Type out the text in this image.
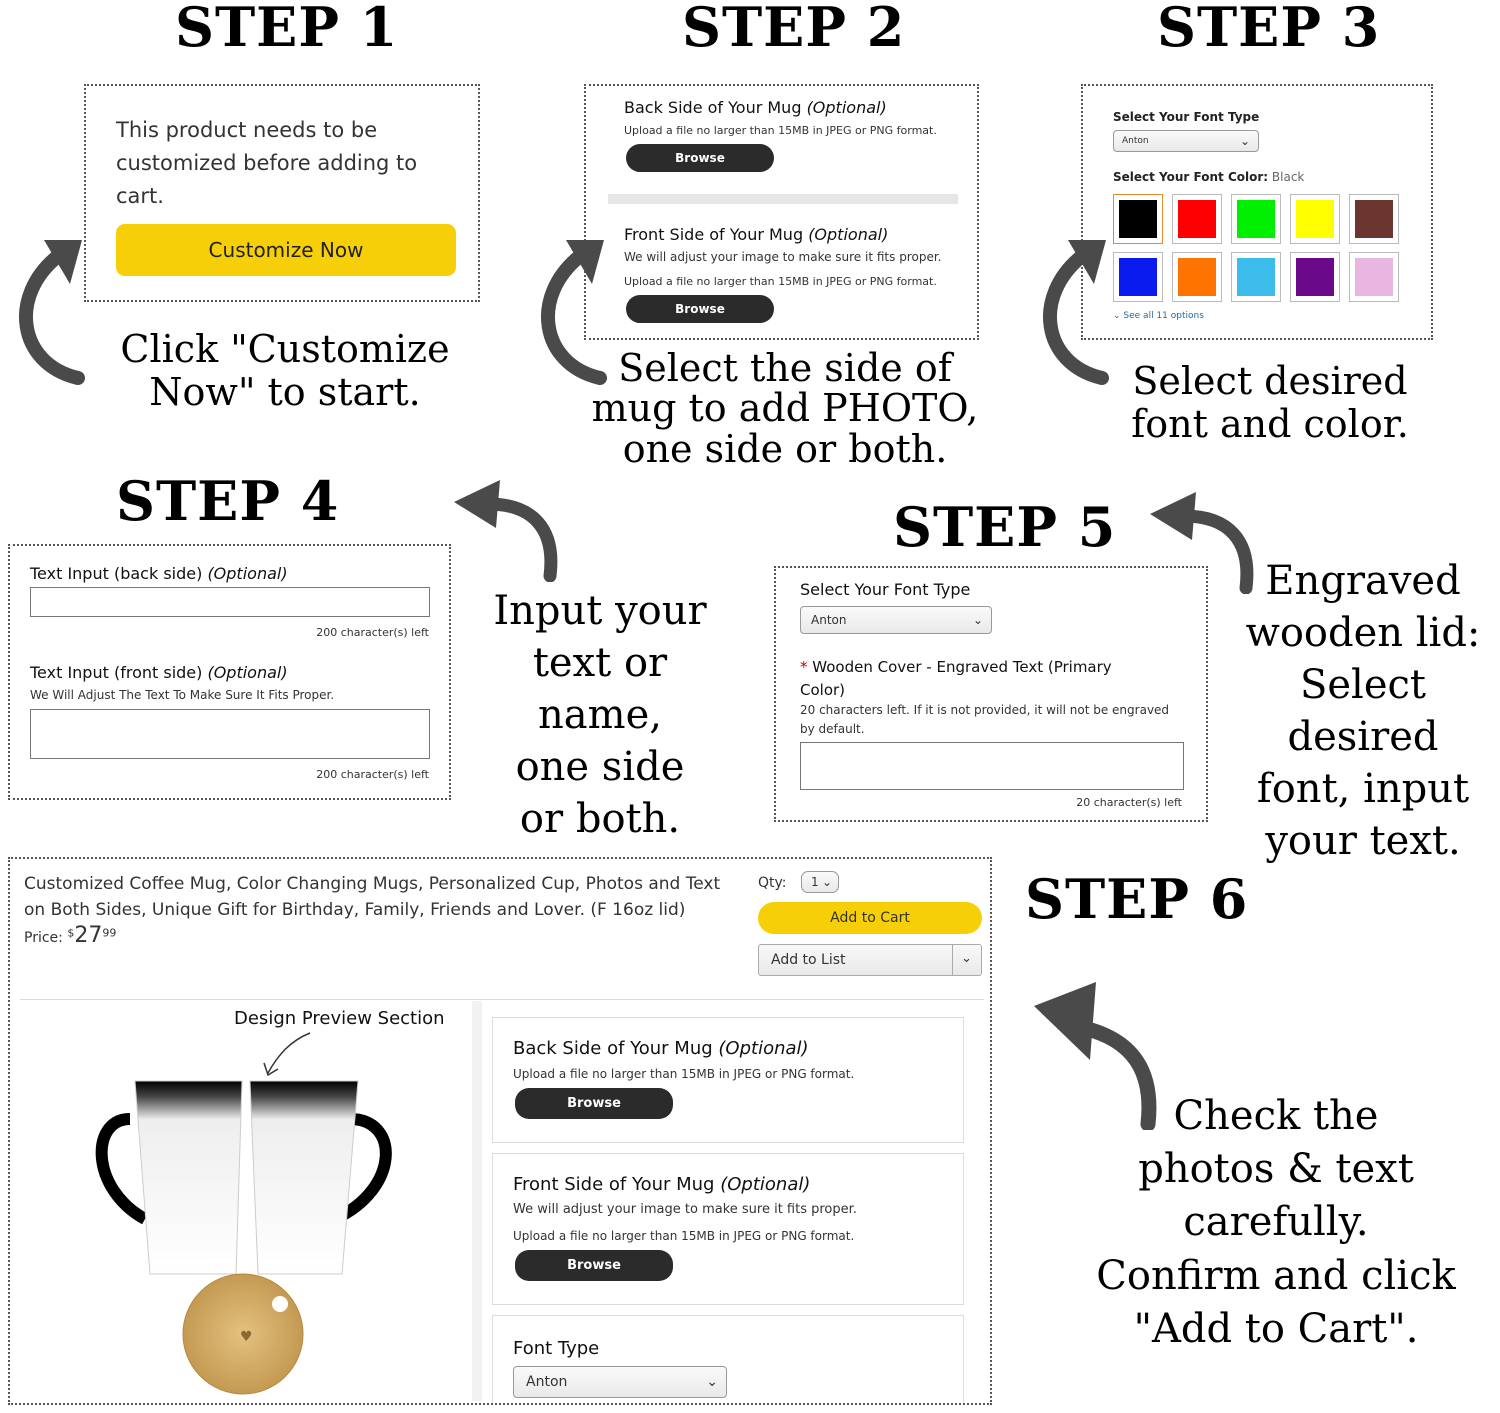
STEP 1
This product needs to be customized before adding to cart.
Customize Now
Click "Customize
Now" to start.
STEP 2
Back Side of Your Mug (Optional)
Upload a file no larger than 15MB in JPEG or PNG format.
Browse
Front Side of Your Mug (Optional)
We will adjust your image to make sure it fits proper.
Upload a file no larger than 15MB in JPEG or PNG format.
Browse
Select the side of
mug to add PHOTO,
one side or both.
STEP 3
Select Your Font Type
Anton	⌄
Select Your Font Color: Black
⌄ See all 11 options
Select desired
font and color.
STEP 4
Text Input (back side) (Optional)
200 character(s) left
Text Input (front side) (Optional)
We Will Adjust The Text To Make Sure It Fits Proper.
200 character(s) left
Input your
text or name,
one side
or both.
STEP 5
Select Your Font Type
Anton	⌄
* Wooden Cover - Engraved Text (Primary
Color)
20 characters left. If it is not provided, it will not be engraved by default.
20 character(s) left
Engraved
wooden lid:
Select desired
font, input
your text.
STEP 6
Customized Coffee Mug, Color Changing Mugs, Personalized Cup, Photos and Text on Both Sides, Unique Gift for Birthday, Family, Friends and Lover. (F 16oz lid)
Price: $^{\$}27^{99}$
Qty:	1 ⌄
Add to Cart
Add to List	⌄
Design Preview Section
♥
Back Side of Your Mug (Optional)
Upload a file no larger than 15MB in JPEG or PNG format.
Browse
Front Side of Your Mug (Optional)
We will adjust your image to make sure it fits proper.
Upload a file no larger than 15MB in JPEG or PNG format.
Browse
Font Type
Anton	⌄
Check the
photos & text
carefully.
Confirm and click
"Add to Cart".
